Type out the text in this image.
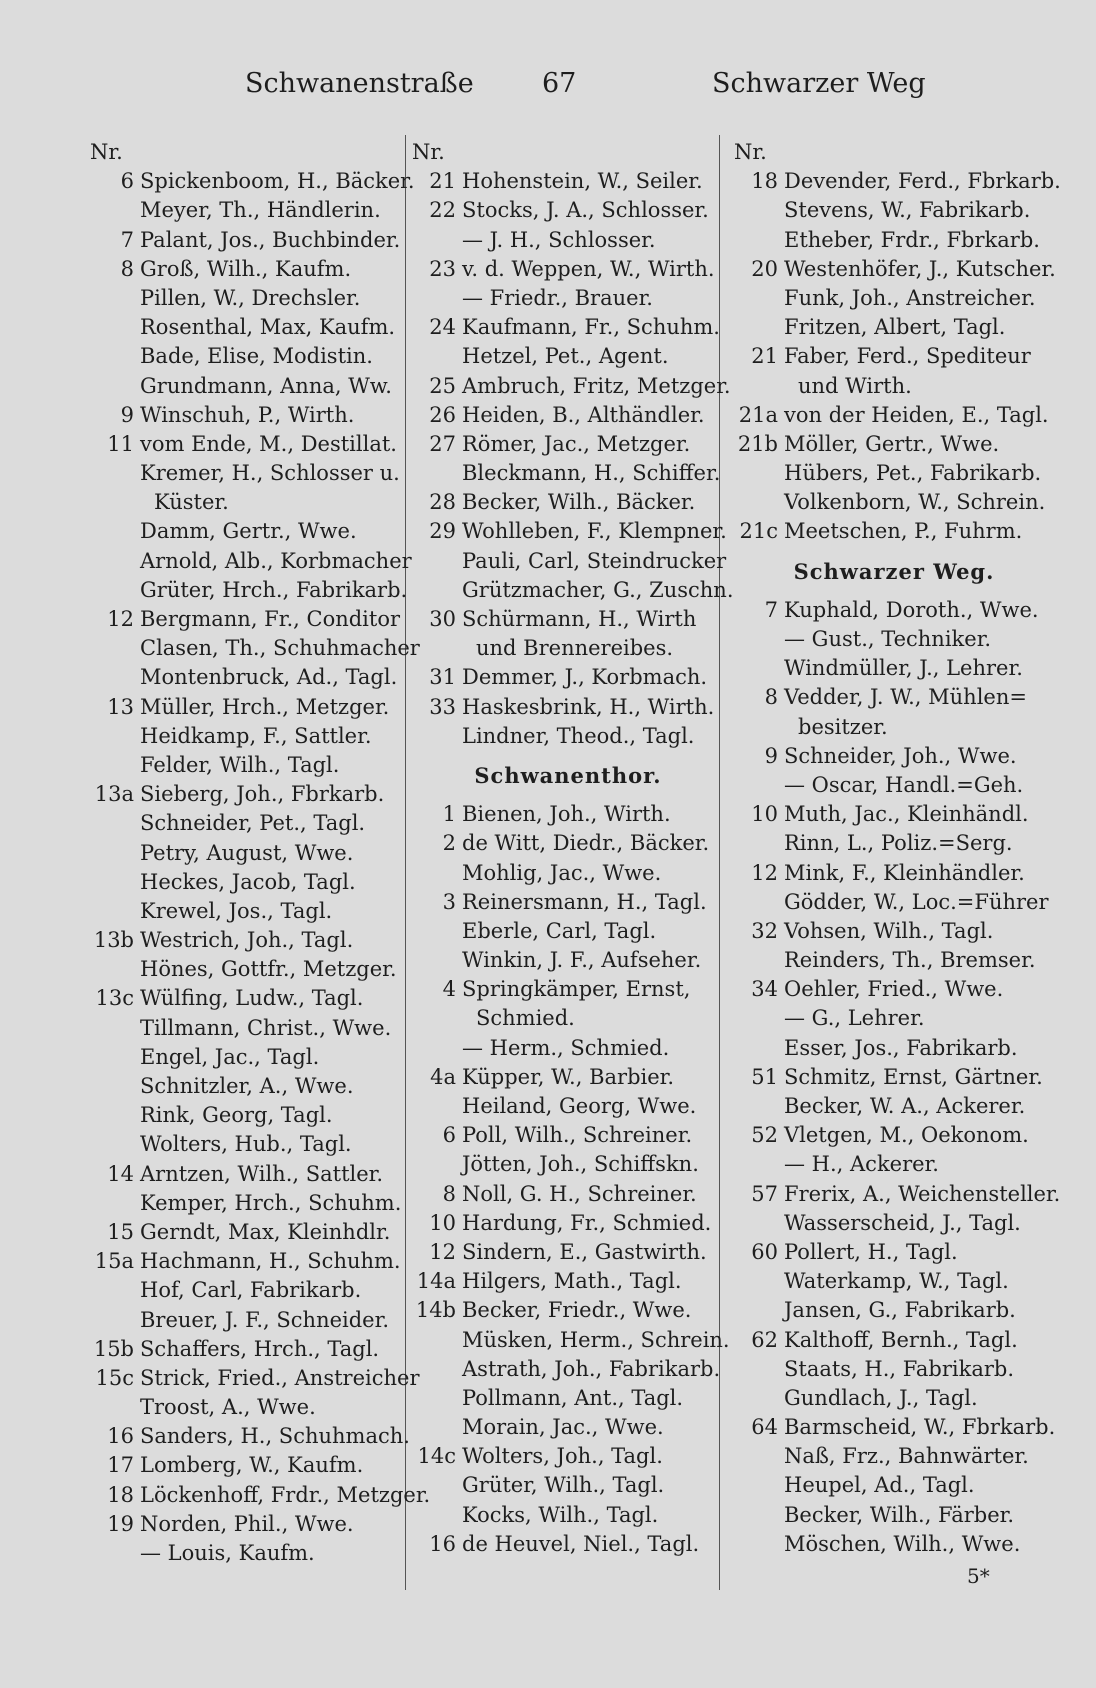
Schwanenstraße	67	Schwarzer Weg
Nr.
6 Spickenboom, H., Bäcker.
Meyer, Th., Händlerin.
7 Palant, Jos., Buchbinder.
8 Groß, Wilh., Kaufm.
Pillen, W., Drechsler.
Rosenthal, Max, Kaufm.
Bade, Elise, Modistin.
Grundmann, Anna, Ww.
9 Winschuh, P., Wirth.
11 vom Ende, M., Destillat.
Kremer, H., Schlosser u.
Küster.
Damm, Gertr., Wwe.
Arnold, Alb., Korbmacher
Grüter, Hrch., Fabrikarb.
12 Bergmann, Fr., Conditor
Clasen, Th., Schuhmacher
Montenbruck, Ad., Tagl.
13 Müller, Hrch., Metzger.
Heidkamp, F., Sattler.
Felder, Wilh., Tagl.
13a Sieberg, Joh., Fbrkarb.
Schneider, Pet., Tagl.
Petry, August, Wwe.
Heckes, Jacob, Tagl.
Krewel, Jos., Tagl.
13b Westrich, Joh., Tagl.
Hönes, Gottfr., Metzger.
13c Wülfing, Ludw., Tagl.
Tillmann, Christ., Wwe.
Engel, Jac., Tagl.
Schnitzler, A., Wwe.
Rink, Georg, Tagl.
Wolters, Hub., Tagl.
14 Arntzen, Wilh., Sattler.
Kemper, Hrch., Schuhm.
15 Gerndt, Max, Kleinhdlr.
15a Hachmann, H., Schuhm.
Hof, Carl, Fabrikarb.
Breuer, J. F., Schneider.
15b Schaffers, Hrch., Tagl.
15c Strick, Fried., Anstreicher
Troost, A., Wwe.
16 Sanders, H., Schuhmach.
17 Lomberg, W., Kaufm.
18 Löckenhoff, Frdr., Metzger.
19 Norden, Phil., Wwe.
— Louis, Kaufm.
Nr.
21 Hohenstein, W., Seiler.
22 Stocks, J. A., Schlosser.
— J. H., Schlosser.
23 v. d. Weppen, W., Wirth.
— Friedr., Brauer.
24 Kaufmann, Fr., Schuhm.
Hetzel, Pet., Agent.
25 Ambruch, Fritz, Metzger.
26 Heiden, B., Althändler.
27 Römer, Jac., Metzger.
Bleckmann, H., Schiffer.
28 Becker, Wilh., Bäcker.
29 Wohlleben, F., Klempner.
Pauli, Carl, Steindrucker
Grützmacher, G., Zuschn.
30 Schürmann, H., Wirth
und Brennereibes.
31 Demmer, J., Korbmach.
33 Haskesbrink, H., Wirth.
Lindner, Theod., Tagl.
Schwanenthor.
1 Bienen, Joh., Wirth.
2 de Witt, Diedr., Bäcker.
Mohlig, Jac., Wwe.
3 Reinersmann, H., Tagl.
Eberle, Carl, Tagl.
Winkin, J. F., Aufseher.
4 Springkämper, Ernst,
Schmied.
— Herm., Schmied.
4a Küpper, W., Barbier.
Heiland, Georg, Wwe.
6 Poll, Wilh., Schreiner.
Jötten, Joh., Schiffskn.
8 Noll, G. H., Schreiner.
10 Hardung, Fr., Schmied.
12 Sindern, E., Gastwirth.
14a Hilgers, Math., Tagl.
14b Becker, Friedr., Wwe.
Müsken, Herm., Schrein.
Astrath, Joh., Fabrikarb.
Pollmann, Ant., Tagl.
Morain, Jac., Wwe.
14c Wolters, Joh., Tagl.
Grüter, Wilh., Tagl.
Kocks, Wilh., Tagl.
16 de Heuvel, Niel., Tagl.
Nr.
18 Devender, Ferd., Fbrkarb.
Stevens, W., Fabrikarb.
Etheber, Frdr., Fbrkarb.
20 Westenhöfer, J., Kutscher.
Funk, Joh., Anstreicher.
Fritzen, Albert, Tagl.
21 Faber, Ferd., Spediteur
und Wirth.
21a von der Heiden, E., Tagl.
21b Möller, Gertr., Wwe.
Hübers, Pet., Fabrikarb.
Volkenborn, W., Schrein.
21c Meetschen, P., Fuhrm.
Schwarzer Weg.
7 Kuphald, Doroth., Wwe.
— Gust., Techniker.
Windmüller, J., Lehrer.
8 Vedder, J. W., Mühlen=
besitzer.
9 Schneider, Joh., Wwe.
— Oscar, Handl.=Geh.
10 Muth, Jac., Kleinhändl.
Rinn, L., Poliz.=Serg.
12 Mink, F., Kleinhändler.
Gödder, W., Loc.=Führer
32 Vohsen, Wilh., Tagl.
Reinders, Th., Bremser.
34 Oehler, Fried., Wwe.
— G., Lehrer.
Esser, Jos., Fabrikarb.
51 Schmitz, Ernst, Gärtner.
Becker, W. A., Ackerer.
52 Vletgen, M., Oekonom.
— H., Ackerer.
57 Frerix, A., Weichensteller.
Wasserscheid, J., Tagl.
60 Pollert, H., Tagl.
Waterkamp, W., Tagl.
Jansen, G., Fabrikarb.
62 Kalthoff, Bernh., Tagl.
Staats, H., Fabrikarb.
Gundlach, J., Tagl.
64 Barmscheid, W., Fbrkarb.
Naß, Frz., Bahnwärter.
Heupel, Ad., Tagl.
Becker, Wilh., Färber.
Möschen, Wilh., Wwe.
5*
